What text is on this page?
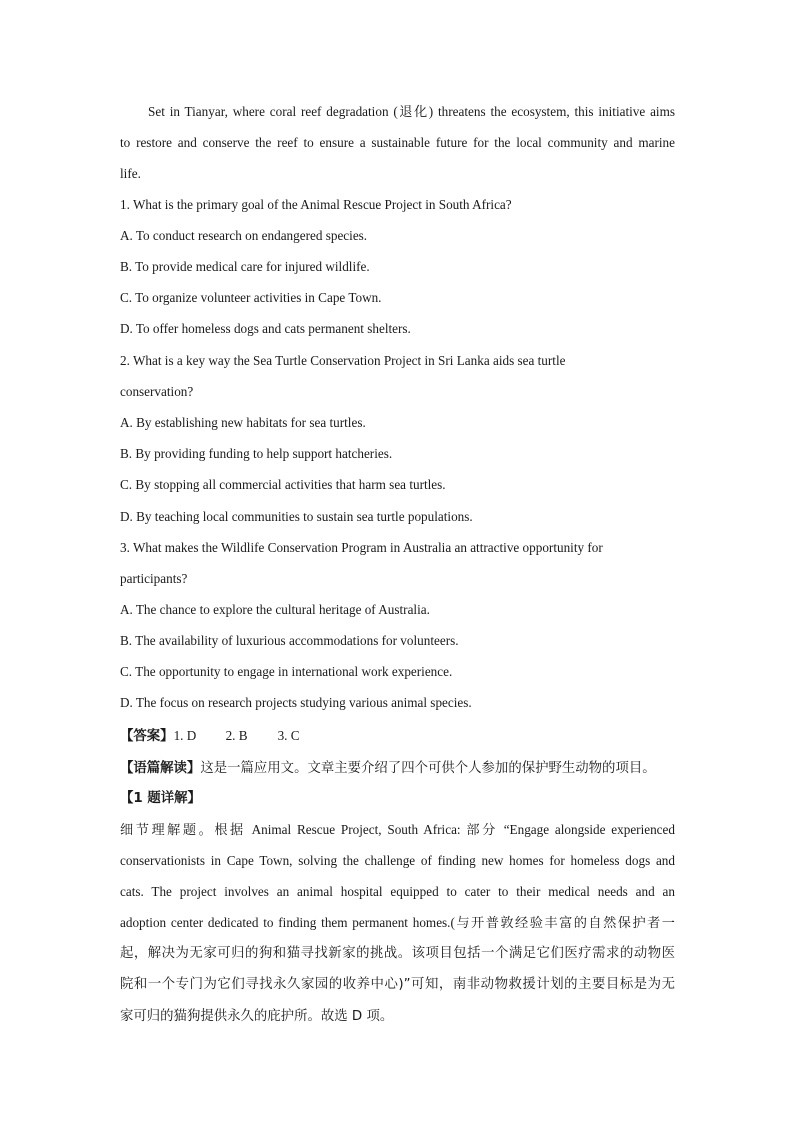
Set in Tianyar, where coral reef degradation (退化) threatens the ecosystem, this initiative aims
to restore and conserve the reef to ensure a sustainable future for the local community and marine
life.
1. What is the primary goal of the Animal Rescue Project in South Africa?
A. To conduct research on endangered species.
B. To provide medical care for injured wildlife.
C. To organize volunteer activities in Cape Town.
D. To offer homeless dogs and cats permanent shelters.
2. What is a key way the Sea Turtle Conservation Project in Sri Lanka aids sea turtle
conservation?
A. By establishing new habitats for sea turtles.
B. By providing funding to help support hatcheries.
C. By stopping all commercial activities that harm sea turtles.
D. By teaching local communities to sustain sea turtle populations.
3. What makes the Wildlife Conservation Program in Australia an attractive opportunity for
participants?
A. The chance to explore the cultural heritage of Australia.
B. The availability of luxurious accommodations for volunteers.
C. The opportunity to engage in international work experience.
D. The focus on research projects studying various animal species.
【答案】1. D 2. B 3. C
【语篇解读】这是一篇应用文。文章主要介绍了四个可供个人参加的保护野生动物的项目。
【1 题详解】
细节理解题。根据 Animal Rescue Project, South Africa: 部分 “Engage alongside experienced
conservationists in Cape Town, solving the challenge of finding new homes for homeless dogs and
cats. The project involves an animal hospital equipped to cater to their medical needs and an
adoption center dedicated to finding them permanent homes.(与开普敦经验丰富的自然保护者一
起，解决为无家可归的狗和猫寻找新家的挑战。该项目包括一个满足它们医疗需求的动物医
院和一个专门为它们寻找永久家园的收养中心)”可知，南非动物救援计划的主要目标是为无
家可归的猫狗提供永久的庇护所。故选 D 项。
